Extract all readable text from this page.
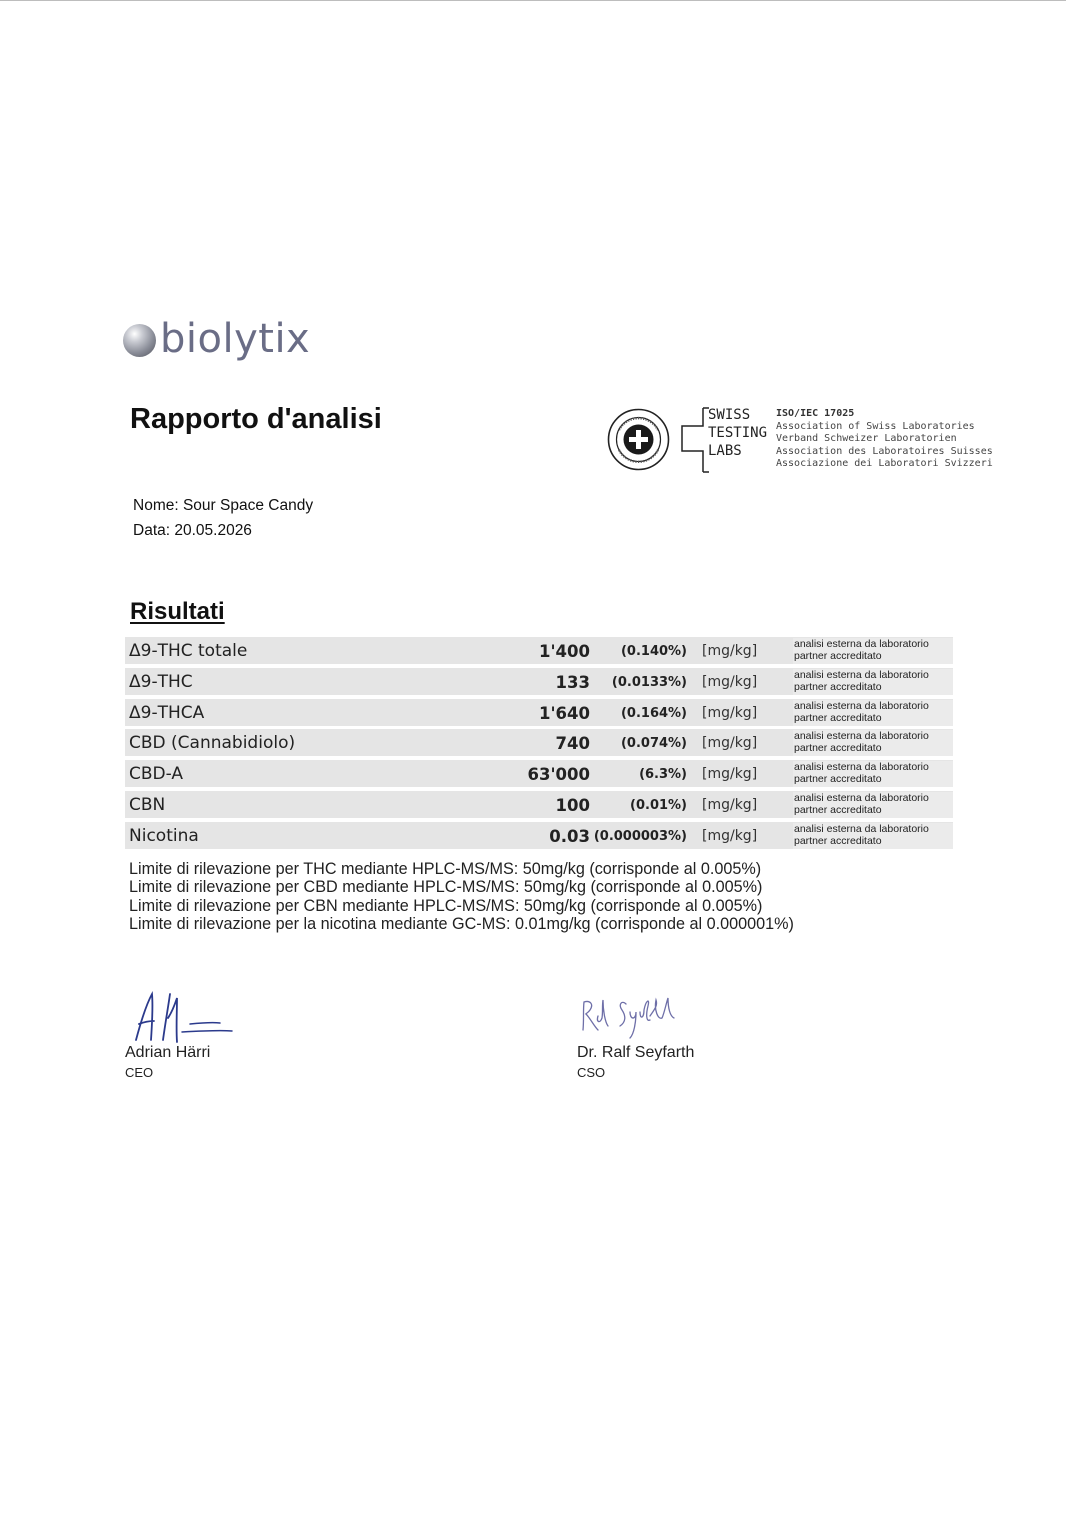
biolytix
Rapporto d'analisi	SWISS
TESTING
LABS
ISO/IEC 17025
Association of Swiss Laboratories
Verband Schweizer Laboratorien
Association des Laboratoires Suisses
Associazione dei Laboratori Svizzeri
Nome: Sour Space Candy
Data: 20.05.2026
Risultati
Δ9-THC totale	1'400 (0.140%) [mg/kg]	analisi esterna da laboratorio
partner accreditato
Δ9-THC	133 (0.0133%) [mg/kg]	analisi esterna da laboratorio
partner accreditato
Δ9-THCA	1'640 (0.164%) [mg/kg]	analisi esterna da laboratorio
partner accreditato
CBD (Cannabidiolo)	740 (0.074%) [mg/kg]	analisi esterna da laboratorio
partner accreditato
CBD-A	63'000	(6.3%) [mg/kg]	analisi esterna da laboratorio
partner accreditato
CBN	100	(0.01%) [mg/kg]	analisi esterna da laboratorio
partner accreditato
Nicotina	0.03 (0.000003%) [mg/kg]	analisi esterna da laboratorio
partner accreditato
Limite di rilevazione per THC mediante HPLC-MS/MS: 50mg/kg (corrisponde al 0.005%)
Limite di rilevazione per CBD mediante HPLC-MS/MS: 50mg/kg (corrisponde al 0.005%)
Limite di rilevazione per CBN mediante HPLC-MS/MS: 50mg/kg (corrisponde al 0.005%)
Limite di rilevazione per la nicotina mediante GC-MS: 0.01mg/kg (corrisponde al 0.000001%)
Adrian Härri
CEO
Dr. Ralf Seyfarth
CSO
